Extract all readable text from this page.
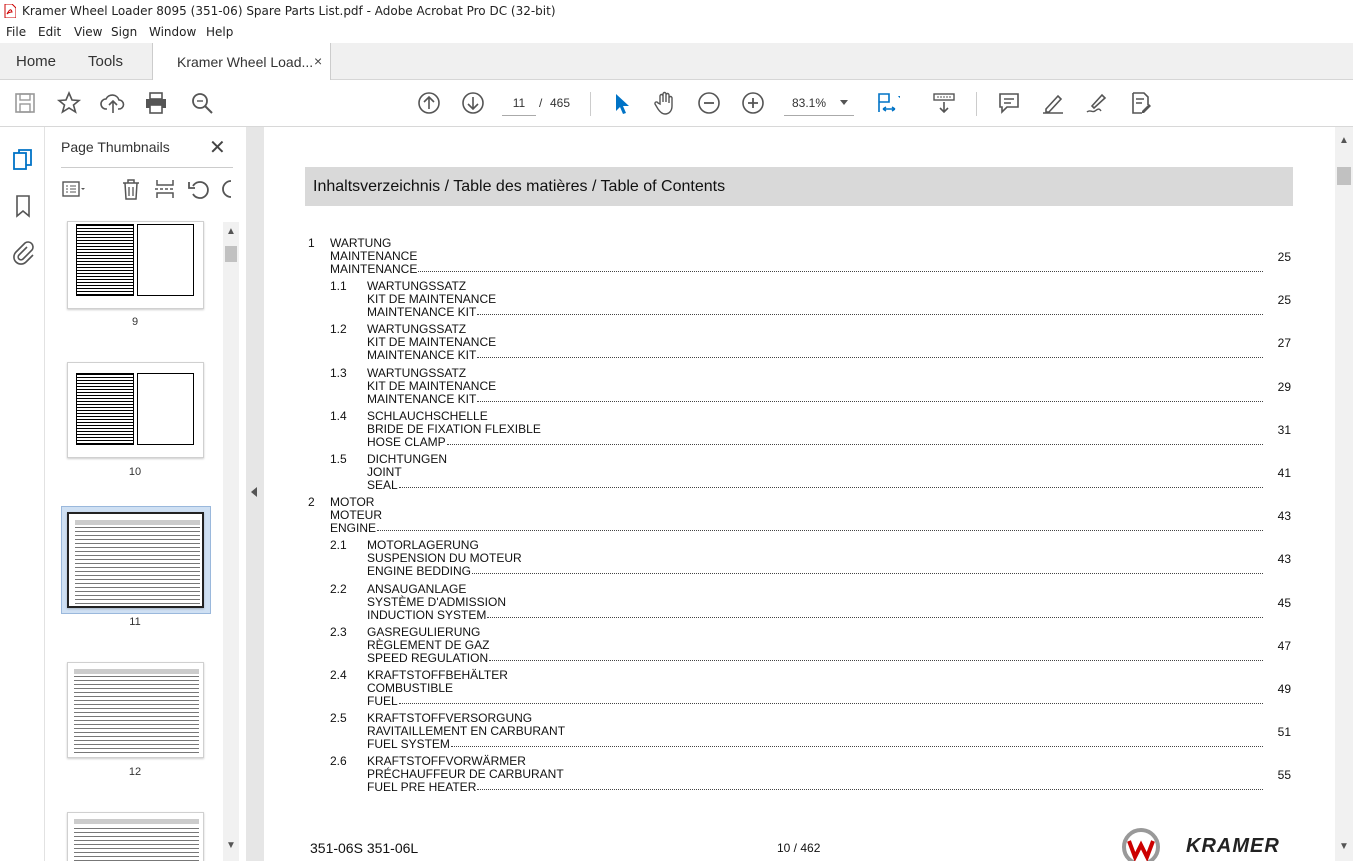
Kramer Wheel Loader 8095 (351-06) Spare Parts List.pdf - Adobe Acrobat Pro DC (32-bit)
File Edit View Sign Window Help
Home Tools	Kramer Wheel Load... ×
11	/ 465	83.1%
Page Thumbnails ✕
9
10
11
12
▲
▼
Inhaltsverzeichnis / Table des matières / Table of Contents
1 WARTUNG
MAINTENANCE
MAINTENANCE
25
1.1 WARTUNGSSATZ
KIT DE MAINTENANCE
MAINTENANCE KIT
25
1.2 WARTUNGSSATZ
KIT DE MAINTENANCE
MAINTENANCE KIT
27
1.3 WARTUNGSSATZ
KIT DE MAINTENANCE
MAINTENANCE KIT
29
1.4 SCHLAUCHSCHELLE
BRIDE DE FIXATION FLEXIBLE
HOSE CLAMP
31
1.5 DICHTUNGEN
JOINT
SEAL
41
2 MOTOR
MOTEUR
ENGINE
43
2.1 MOTORLAGERUNG
SUSPENSION DU MOTEUR
ENGINE BEDDING
43
2.2 ANSAUGANLAGE
SYSTÈME D'ADMISSION
INDUCTION SYSTEM
45
2.3 GASREGULIERUNG
RÈGLEMENT DE GAZ
SPEED REGULATION
47
2.4 KRAFTSTOFFBEHÄLTER
COMBUSTIBLE
FUEL
49
2.5 KRAFTSTOFFVERSORGUNG
RAVITAILLEMENT EN CARBURANT
FUEL SYSTEM
51
2.6 KRAFTSTOFFVORWÄRMER
PRÉCHAUFFEUR DE CARBURANT
FUEL PRE HEATER
55
351-06S 351-06L	10 / 462	KRAMER
▲
▼
